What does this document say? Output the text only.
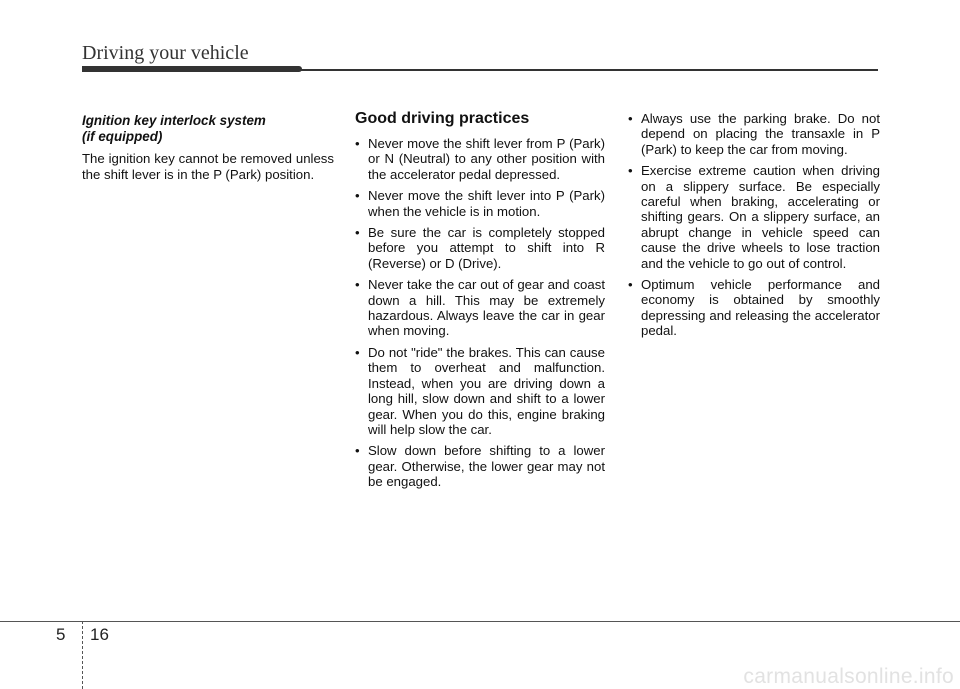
Driving your vehicle
Ignition key interlock system
(if equipped)

The ignition key cannot be removed unless the shift lever is in the P (Park) position.

Good driving practices
• Never move the shift lever from P (Park) or N (Neutral) to any other position with the accelerator pedal depressed.
• Never move the shift lever into P (Park) when the vehicle is in motion.
• Be sure the car is completely stopped before you attempt to shift into R (Reverse) or D (Drive).
• Never take the car out of gear and coast down a hill. This may be extremely hazardous. Always leave the car in gear when moving.
• Do not "ride" the brakes. This can cause them to overheat and malfunction. Instead, when you are driving down a long hill, slow down and shift to a lower gear. When you do this, engine braking will help slow the car.
• Slow down before shifting to a lower gear. Otherwise, the lower gear may not be engaged.
• Always use the parking brake. Do not depend on placing the transaxle in P (Park) to keep the car from moving.
• Exercise extreme caution when driving on a slippery surface. Be especially careful when braking, accelerating or shifting gears. On a slippery surface, an abrupt change in vehicle speed can cause the drive wheels to lose traction and the vehicle to go out of control.
• Optimum vehicle performance and economy is obtained by smoothly depressing and releasing the accelerator pedal.
5 16
carmanualsonline.info
